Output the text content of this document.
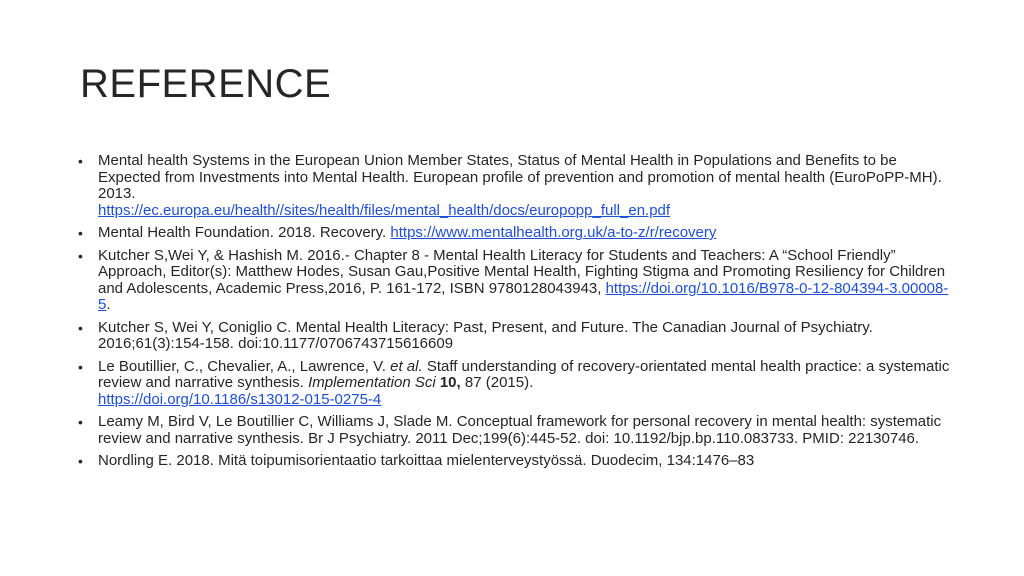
REFERENCE
• Mental health Systems in the European Union Member States, Status of Mental Health in Populations and Benefits to be Expected from Investments into Mental Health. European profile of prevention and promotion of mental health (EuroPoPP-MH). 2013.
https://ec.europa.eu/health//sites/health/files/mental_health/docs/europopp_full_en.pdf
• Mental Health Foundation. 2018. Recovery. https://www.mentalhealth.org.uk/a-to-z/r/recovery
• Kutcher S,Wei Y, & Hashish M. 2016.- Chapter 8 - Mental Health Literacy for Students and Teachers: A “School Friendly” Approach, Editor(s): Matthew Hodes, Susan Gau,Positive Mental Health, Fighting Stigma and Promoting Resiliency for Children and Adolescents, Academic Press,2016, P. 161-172, ISBN 9780128043943, https://doi.org/10.1016/B978-0-12-804394-3.00008-5.
• Kutcher S, Wei Y, Coniglio C. Mental Health Literacy: Past, Present, and Future. The Canadian Journal of Psychiatry. 2016;61(3):154-158. doi:10.1177/0706743715616609
• Le Boutillier, C., Chevalier, A., Lawrence, V. et al. Staff understanding of recovery-orientated mental health practice: a systematic review and narrative synthesis. Implementation Sci 10, 87 (2015).
https://doi.org/10.1186/s13012-015-0275-4
• Leamy M, Bird V, Le Boutillier C, Williams J, Slade M. Conceptual framework for personal recovery in mental health: systematic review and narrative synthesis. Br J Psychiatry. 2011 Dec;199(6):445-52. doi: 10.1192/bjp.bp.110.083733. PMID: 22130746.
• Nordling E. 2018. Mitä toipumisorientaatio tarkoittaa mielenterveystyössä. Duodecim, 134:1476–83
